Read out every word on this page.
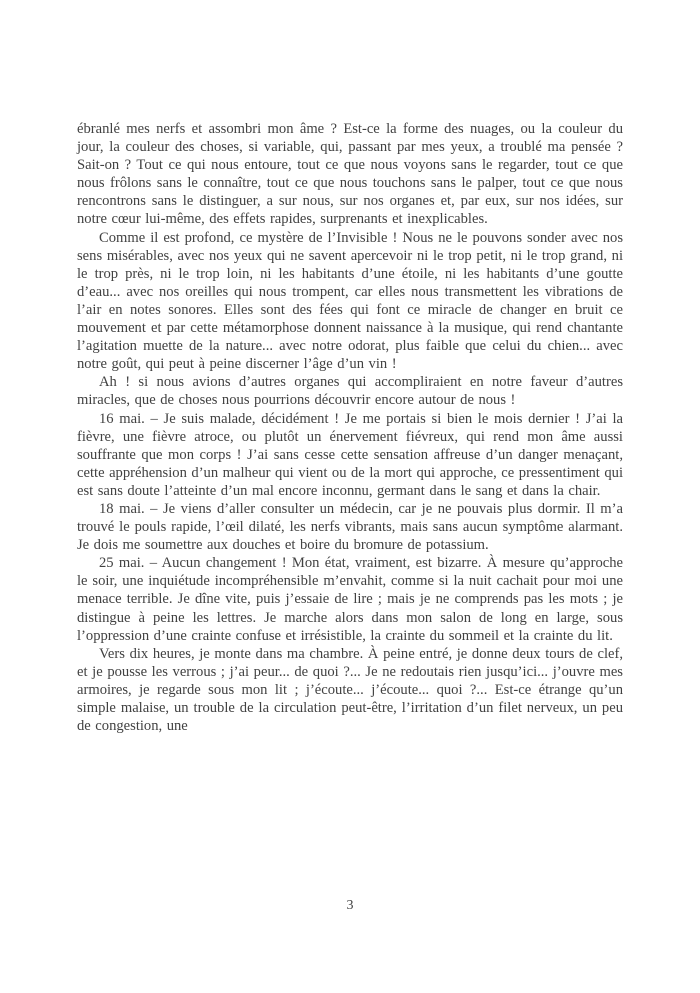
ébranlé mes nerfs et assombri mon âme ? Est-ce la forme des nuages, ou la couleur du jour, la couleur des choses, si variable, qui, passant par mes yeux, a troublé ma pensée ? Sait-on ? Tout ce qui nous entoure, tout ce que nous voyons sans le regarder, tout ce que nous frôlons sans le connaître, tout ce que nous touchons sans le palper, tout ce que nous rencontrons sans le distinguer, a sur nous, sur nos organes et, par eux, sur nos idées, sur notre cœur lui-même, des effets rapides, surprenants et inexplicables.

Comme il est profond, ce mystère de l’Invisible ! Nous ne le pouvons sonder avec nos sens misérables, avec nos yeux qui ne savent apercevoir ni le trop petit, ni le trop grand, ni le trop près, ni le trop loin, ni les habitants d’une étoile, ni les habitants d’une goutte d’eau... avec nos oreilles qui nous trompent, car elles nous transmettent les vibrations de l’air en notes sonores. Elles sont des fées qui font ce miracle de changer en bruit ce mouvement et par cette métamorphose donnent naissance à la musique, qui rend chantante l’agitation muette de la nature... avec notre odorat, plus faible que celui du chien... avec notre goût, qui peut à peine discerner l’âge d’un vin !

Ah ! si nous avions d’autres organes qui accompliraient en notre faveur d’autres miracles, que de choses nous pourrions découvrir encore autour de nous !

16 mai. – Je suis malade, décidément ! Je me portais si bien le mois dernier ! J’ai la fièvre, une fièvre atroce, ou plutôt un énervement fiévreux, qui rend mon âme aussi souffrante que mon corps ! J’ai sans cesse cette sensation affreuse d’un danger menaçant, cette appréhension d’un malheur qui vient ou de la mort qui approche, ce pressentiment qui est sans doute l’atteinte d’un mal encore inconnu, germant dans le sang et dans la chair.

18 mai. – Je viens d’aller consulter un médecin, car je ne pouvais plus dormir. Il m’a trouvé le pouls rapide, l’œil dilaté, les nerfs vibrants, mais sans aucun symptôme alarmant. Je dois me soumettre aux douches et boire du bromure de potassium.

25 mai. – Aucun changement ! Mon état, vraiment, est bizarre. À mesure qu’approche le soir, une inquiétude incompréhensible m’envahit, comme si la nuit cachait pour moi une menace terrible. Je dîne vite, puis j’essaie de lire ; mais je ne comprends pas les mots ; je distingue à peine les lettres. Je marche alors dans mon salon de long en large, sous l’oppression d’une crainte confuse et irrésistible, la crainte du sommeil et la crainte du lit.

Vers dix heures, je monte dans ma chambre. À peine entré, je donne deux tours de clef, et je pousse les verrous ; j’ai peur... de quoi ?... Je ne redoutais rien jusqu’ici... j’ouvre mes armoires, je regarde sous mon lit ; j’écoute... j’écoute... quoi ?... Est-ce étrange qu’un simple malaise, un trouble de la circulation peut-être, l’irritation d’un filet nerveux, un peu de congestion, une

3
